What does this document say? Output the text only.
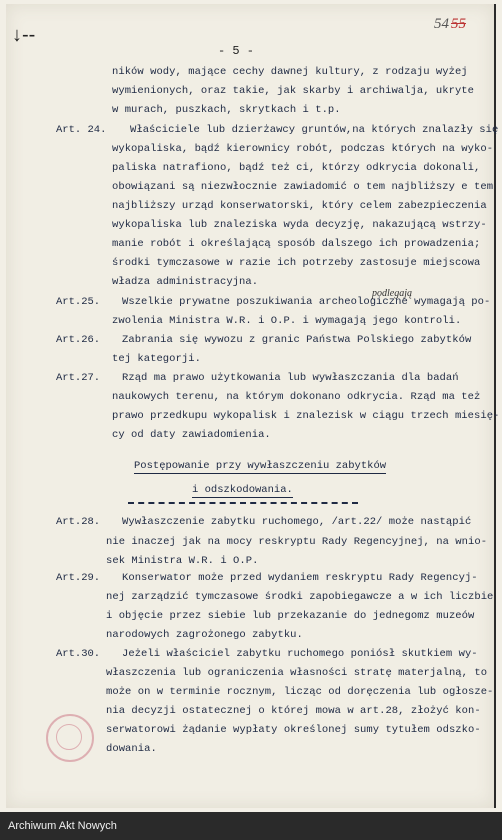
↓--	54 55
- 5 -
ników wody, mające cechy dawnej kultury, z rodzaju wyżej
wymienionych, oraz takie, jak skarby i archiwalja, ukryte
w murach, puszkach, skrytkach i t.p.
Art. 24. Właściciele lub dzierżawcy gruntów,na których znalazły się
wykopaliska, bądź kierownicy robót, podczas których na wyko-
paliska natrafiono, bądź też ci, którzy odkrycia dokonali,
obowiązani są niezwłocznie zawiadomić o tem najbliższy e tem
najbliższy urząd konserwatorski, który celem zabezpieczenia
wykopaliska lub znaleziska wyda decyzję, nakazującą wstrzy-
manie robót i określającą sposób dalszego ich prowadzenia;
środki tymczasowe w razie ich potrzeby zastosuje miejscowa
władza administracyjna.
podlegają
Art.25. Wszelkie prywatne poszukiwania archeologiczne wymagają po-
zwolenia Ministra W.R. i O.P. i wymagają jego kontroli.
Art.26. Zabrania się wywozu z granic Państwa Polskiego zabytków
tej kategorji.
Art.27. Rząd ma prawo użytkowania lub wywłaszczania dla badań
naukowych terenu, na którym dokonano odkrycia. Rząd ma też
prawo przedkupu wykopalisk i znalezisk w ciągu trzech miesię-
cy od daty zawiadomienia.
Postępowanie przy wywłaszczeniu zabytków
i odszkodowania.
Art.28. Wywłaszczenie zabytku ruchomego, /art.22/ może nastąpić
nie inaczej jak na mocy reskryptu Rady Regencyjnej, na wnio-
sek Ministra W.R. i O.P.
Art.29. Konserwator może przed wydaniem reskryptu Rady Regencyj-
nej zarządzić tymczasowe środki zapobiegawcze a w ich liczbie
i objęcie przez siebie lub przekazanie do jednegomz muzeów
narodowych zagrożonego zabytku.
Art.30. Jeżeli właściciel zabytku ruchomego poniósł skutkiem wy-
właszczenia lub ograniczenia własności stratę materjalną, to
może on w terminie rocznym, licząc od doręczenia lub ogłosze-
nia decyzji ostatecznej o której mowa w art.28, złożyć kon-
serwatorowi żądanie wypłaty określonej sumy tytułem odszko-
dowania.
Archiwum Akt Nowych
